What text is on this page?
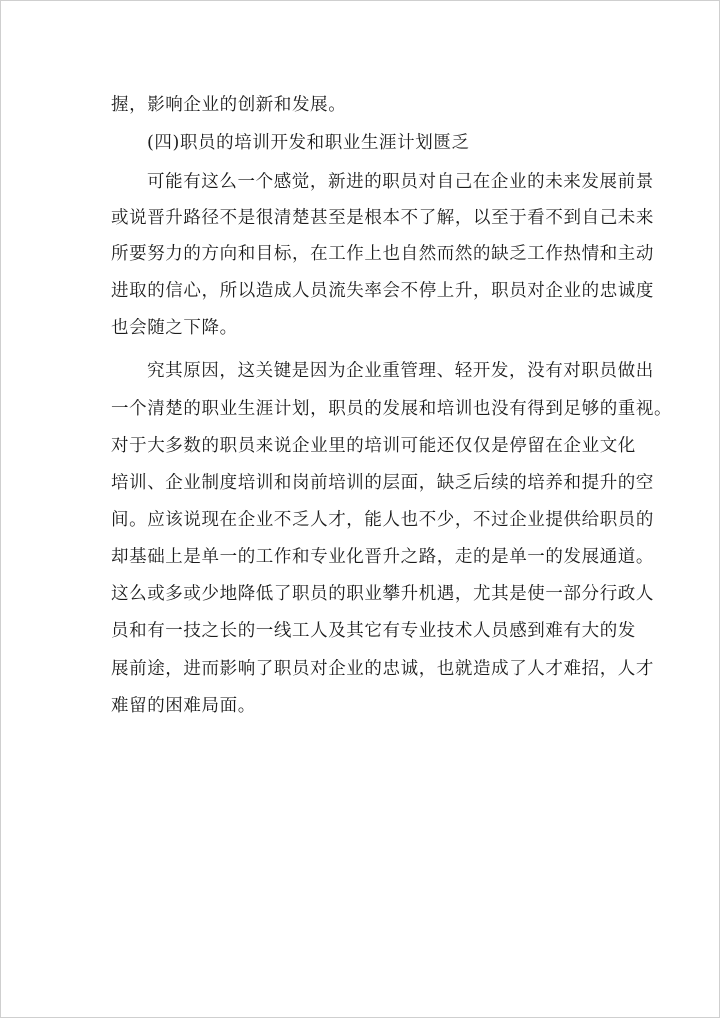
握，影响企业的创新和发展。
(四)职员的培训开发和职业生涯计划匮乏
可能有这么一个感觉，新进的职员对自己在企业的未来发展前景
或说晋升路径不是很清楚甚至是根本不了解，以至于看不到自己未来
所要努力的方向和目标，在工作上也自然而然的缺乏工作热情和主动
进取的信心，所以造成人员流失率会不停上升，职员对企业的忠诚度
也会随之下降。
究其原因，这关键是因为企业重管理、轻开发，没有对职员做出
一个清楚的职业生涯计划，职员的发展和培训也没有得到足够的重视。
对于大多数的职员来说企业里的培训可能还仅仅是停留在企业文化
培训、企业制度培训和岗前培训的层面，缺乏后续的培养和提升的空
间。应该说现在企业不乏人才，能人也不少，不过企业提供给职员的
却基础上是单一的工作和专业化晋升之路，走的是单一的发展通道。
这么或多或少地降低了职员的职业攀升机遇，尤其是使一部分行政人
员和有一技之长的一线工人及其它有专业技术人员感到难有大的发
展前途，进而影响了职员对企业的忠诚，也就造成了人才难招，人才
难留的困难局面。
